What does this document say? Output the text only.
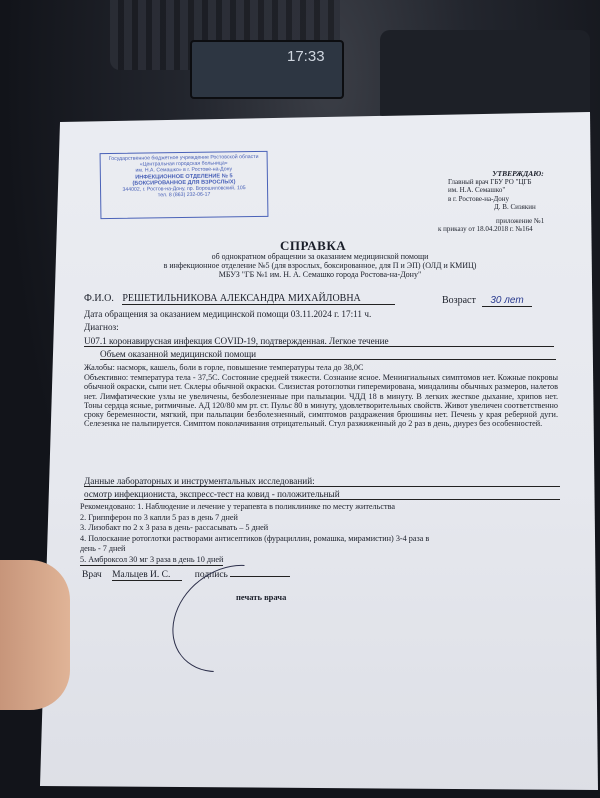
17:33
Государственное бюджетное учреждение Ростовской области
«Центральная городская больница»
им. Н.А. Семашко» в г. Ростове-на-Дону
ИНФЕКЦИОННОЕ ОТДЕЛЕНИЕ № 5
(БОКСИРОВАННОЕ ДЛЯ ВЗРОСЛЫХ)
344002, г. Ростов-на-Дону, пр. Ворошиловский, 105
тел. 8 (863) 232-06-17
УТВЕРЖДАЮ:
Главный врач ГБУ РО "ЦГБ
им. Н.А. Семашко"
в г. Ростове-на-Дону
Д. В. Сизякин
приложение №1
к приказу от 18.04.2018 г. №164
СПРАВКА
об однократном обращении за оказанием медицинской помощи
в инфекционное отделение №5 (для взрослых, боксированное, для П и ЭП) (ОЛД и КМИЦ)
МБУЗ "ГБ №1 им. Н. А. Семашко города Ростова-на-Дону"
Ф.И.О. РЕШЕТИЛЬНИКОВА АЛЕКСАНДРА МИХАЙЛОВНА	Возраст 30 лет
Дата обращения за оказанием медицинской помощи 03.11.2024 г. 17:11 ч.
Диагноз:
U07.1 коронавирусная инфекция COVID-19, подтвержденная. Легкое течение
Объем оказанной медицинской помощи
Жалобы: насморк, кашель, боли в горле, повышение температуры тела до 38,0С
Объективно: температура тела - 37,5С. Состояние средней тяжести. Сознание ясное. Менингиальных симптомов нет. Кожные покровы обычной окраски, сыпи нет. Склеры обычной окраски. Слизистая ротоглотки гиперемирована, миндалины обычных размеров, налетов нет. Лимфатические узлы не увеличены, безболезненные при пальпации. ЧДД 18 в минуту. В легких жесткое дыхание, хрипов нет. Тоны сердца ясные, ритмичные. АД 120/80 мм рт. ст. Пульс 80 в минуту, удовлетворительных свойств. Живот увеличен соответственно сроку беременности, мягкий, при пальпации безболезненный, симптомов раздражения брюшины нет. Печень у края реберной дуги. Селезенка не пальпируется. Симптом поколачивания отрицательный. Стул разжиженный до 2 раз в день, диурез без особенностей.
Данные лабораторных и инструментальных исследований:
осмотр инфекциониста, экспресс-тест на ковид - положительный
Рекомендовано: 1. Наблюдение и лечение у терапевта в поликлинике по месту жительства
2. Гриппферон по 3 капли 5 раз в день 7 дней
3. Лизобакт по 2 х 3 раза в день- рассасывать – 5 дней
4. Полоскание ротоглотки растворами антисептиков (фурациллин, ромашка, мирамистин) 3-4 раза в
день - 7 дней
5. Амброксол 30 мг 3 раза в день 10 дней
Врач Мальцев И. С.	подпись
печать врача
